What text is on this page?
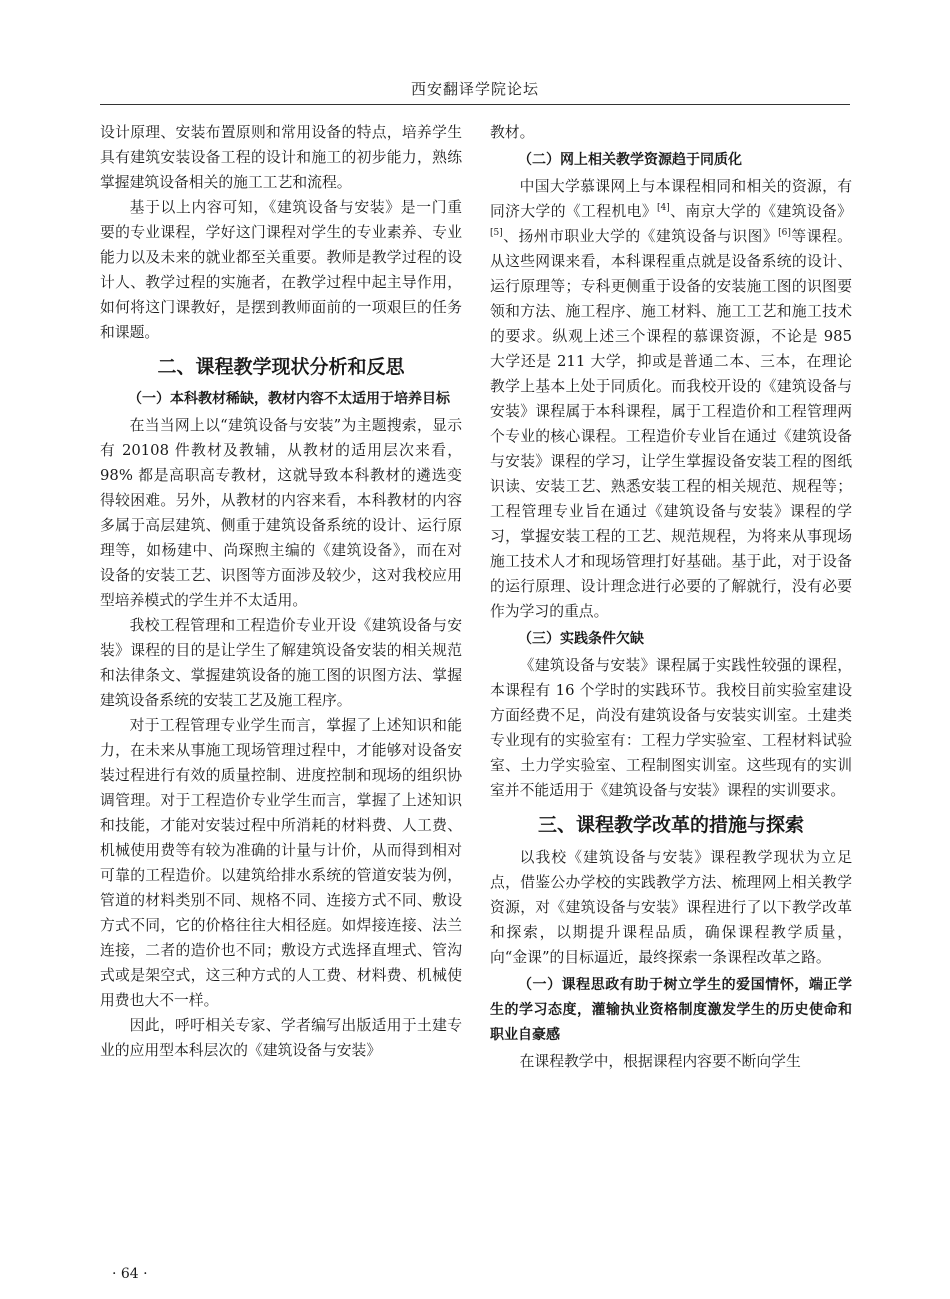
西安翻译学院论坛

设计原理、安装布置原则和常用设备的特点，培养学生具有建筑安装设备工程的设计和施工的初步能力，熟练掌握建筑设备相关的施工工艺和流程。

基于以上内容可知，《建筑设备与安装》是一门重要的专业课程，学好这门课程对学生的专业素养、专业能力以及未来的就业都至关重要。教师是教学过程的设计人、教学过程的实施者，在教学过程中起主导作用，如何将这门课教好，是摆到教师面前的一项艰巨的任务和课题。

二、课程教学现状分析和反思
（一）本科教材稀缺，教材内容不太适用于培养目标

在当当网上以“建筑设备与安装”为主题搜索，显示有 20108 件教材及教辅，从教材的适用层次来看，98% 都是高职高专教材，这就导致本科教材的遴选变得较困难。另外，从教材的内容来看，本科教材的内容多属于高层建筑、侧重于建筑设备系统的设计、运行原理等，如杨建中、尚琛煦主编的《建筑设备》，而在对设备的安装工艺、识图等方面涉及较少，这对我校应用型培养模式的学生并不太适用。

我校工程管理和工程造价专业开设《建筑设备与安装》课程的目的是让学生了解建筑设备安装的相关规范和法律条文、掌握建筑设备的施工图的识图方法、掌握建筑设备系统的安装工艺及施工程序。

对于工程管理专业学生而言，掌握了上述知识和能力，在未来从事施工现场管理过程中，才能够对设备安装过程进行有效的质量控制、进度控制和现场的组织协调管理。对于工程造价专业学生而言，掌握了上述知识和技能，才能对安装过程中所消耗的材料费、人工费、机械使用费等有较为准确的计量与计价，从而得到相对可靠的工程造价。以建筑给排水系统的管道安装为例，管道的材料类别不同、规格不同、连接方式不同、敷设方式不同，它的价格往往大相径庭。如焊接连接、法兰连接，二者的造价也不同；敷设方式选择直埋式、管沟式或是架空式，这三种方式的人工费、材料费、机械使用费也大不一样。

因此，呼吁相关专家、学者编写出版适用于土建专业的应用型本科层次的《建筑设备与安装》

教材。

（二）网上相关教学资源趋于同质化

中国大学慕课网上与本课程相同和相关的资源，有同济大学的《工程机电》[4]、南京大学的《建筑设备》[5]、扬州市职业大学的《建筑设备与识图》[6]等课程。从这些网课来看，本科课程重点就是设备系统的设计、运行原理等；专科更侧重于设备的安装施工图的识图要领和方法、施工程序、施工材料、施工工艺和施工技术的要求。纵观上述三个课程的慕课资源，不论是 985 大学还是 211 大学，抑或是普通二本、三本，在理论教学上基本上处于同质化。而我校开设的《建筑设备与安装》课程属于本科课程，属于工程造价和工程管理两个专业的核心课程。工程造价专业旨在通过《建筑设备与安装》课程的学习，让学生掌握设备安装工程的图纸识读、安装工艺、熟悉安装工程的相关规范、规程等；工程管理专业旨在通过《建筑设备与安装》课程的学习，掌握安装工程的工艺、规范规程，为将来从事现场施工技术人才和现场管理打好基础。基于此，对于设备的运行原理、设计理念进行必要的了解就行，没有必要作为学习的重点。

（三）实践条件欠缺

《建筑设备与安装》课程属于实践性较强的课程，本课程有 16 个学时的实践环节。我校目前实验室建设方面经费不足，尚没有建筑设备与安装实训室。土建类专业现有的实验室有：工程力学实验室、工程材料试验室、土力学实验室、工程制图实训室。这些现有的实训室并不能适用于《建筑设备与安装》课程的实训要求。

三、课程教学改革的措施与探索

以我校《建筑设备与安装》课程教学现状为立足点，借鉴公办学校的实践教学方法、梳理网上相关教学资源，对《建筑设备与安装》课程进行了以下教学改革和探索，以期提升课程品质，确保课程教学质量，向“金课”的目标逼近，最终探索一条课程改革之路。

（一）课程思政有助于树立学生的爱国情怀，端正学生的学习态度，灌输执业资格制度激发学生的历史使命和职业自豪感

在课程教学中，根据课程内容要不断向学生

· 64 ·
